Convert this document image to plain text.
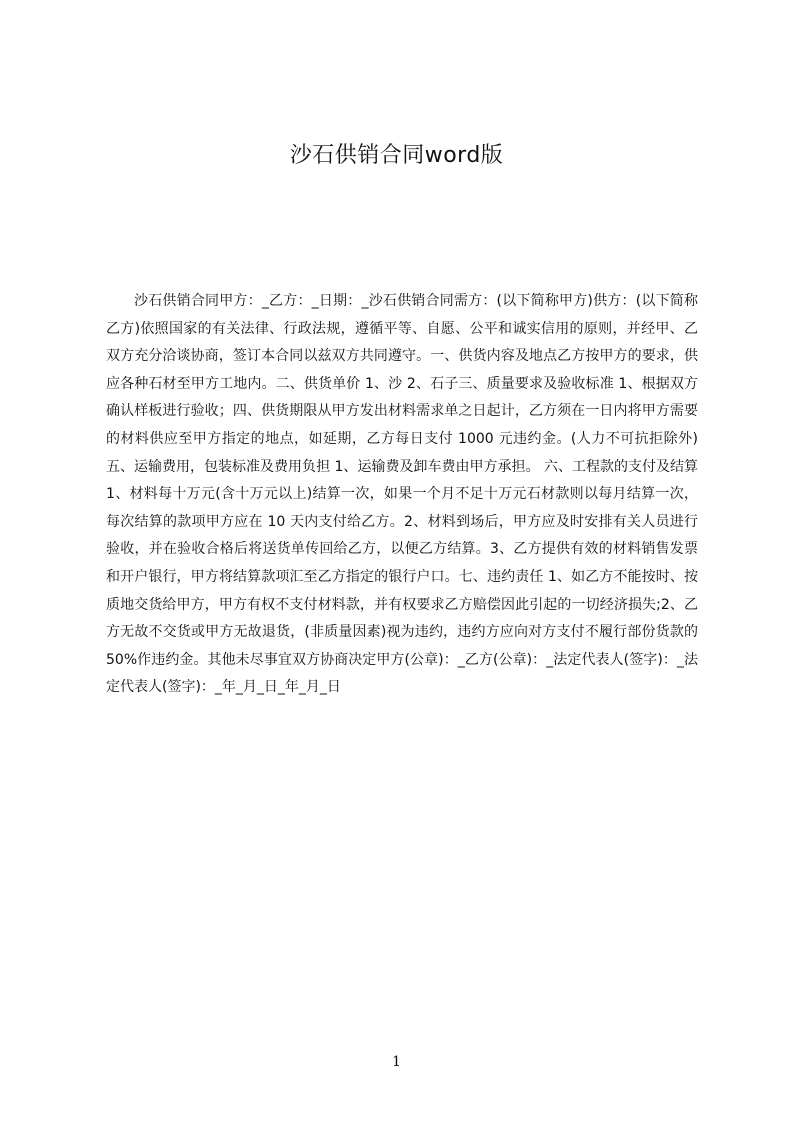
沙石供销合同word版

沙石供销合同甲方：_乙方：_日期：_沙石供销合同需方：(以下简称甲方)供方：(以下简称乙方)依照国家的有关法律、行政法规，遵循平等、自愿、公平和诚实信用的原则，并经甲、乙双方充分洽谈协商，签订本合同以兹双方共同遵守。一、供货内容及地点乙方按甲方的要求，供应各种石材至甲方工地内。二、供货单价 1、沙 2、石子三、质量要求及验收标准 1、根据双方确认样板进行验收；四、供货期限从甲方发出材料需求单之日起计，乙方须在一日内将甲方需要的材料供应至甲方指定的地点，如延期，乙方每日支付 1000 元违约金。(人力不可抗拒除外)五、运输费用，包装标准及费用负担 1、运输费及卸车费由甲方承担。 六、工程款的支付及结算 1、材料每十万元(含十万元以上)结算一次，如果一个月不足十万元石材款则以每月结算一次，每次结算的款项甲方应在 10 天内支付给乙方。2、材料到场后，甲方应及时安排有关人员进行验收，并在验收合格后将送货单传回给乙方，以便乙方结算。3、乙方提供有效的材料销售发票和开户银行，甲方将结算款项汇至乙方指定的银行户口。七、违约责任 1、如乙方不能按时、按质地交货给甲方，甲方有权不支付材料款，并有权要求乙方赔偿因此引起的一切经济损失;2、乙方无故不交货或甲方无故退货，(非质量因素)视为违约，违约方应向对方支付不履行部份货款的 50%作违约金。其他未尽事宜双方协商决定甲方(公章)：_乙方(公章)：_法定代表人(签字)：_法定代表人(签字)：_年_月_日_年_月_日

1
